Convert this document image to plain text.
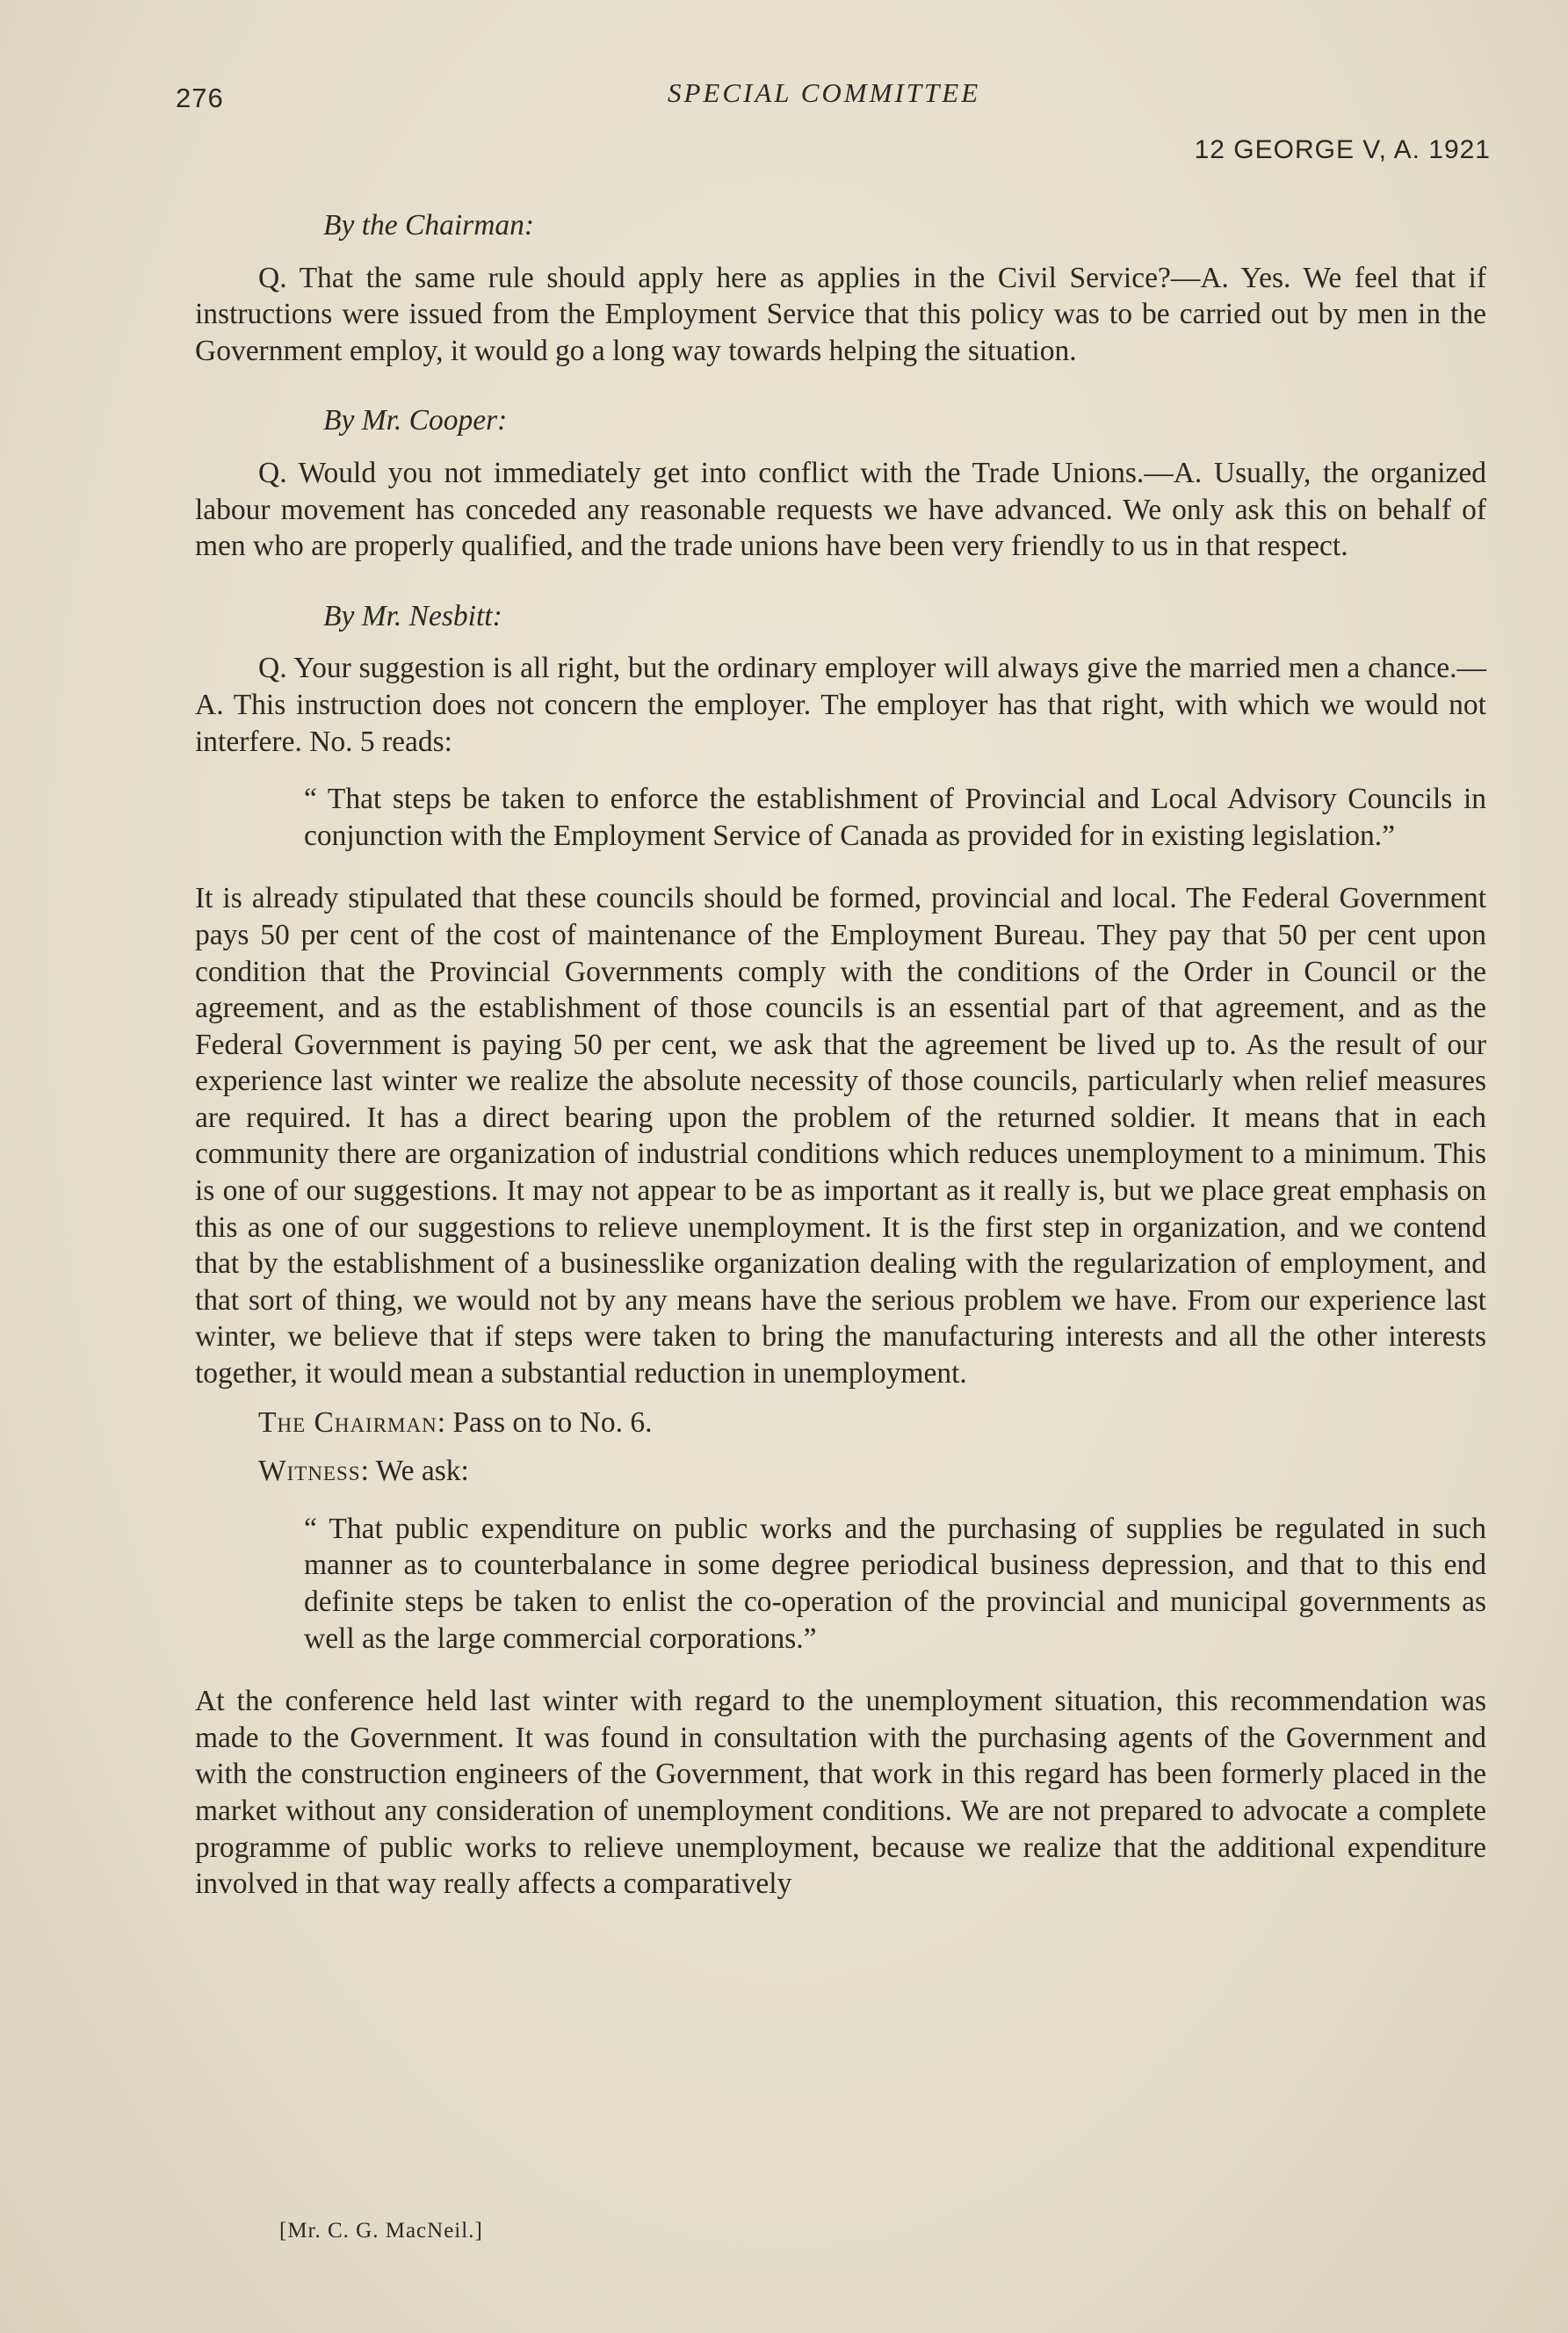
276	SPECIAL COMMITTEE
12 GEORGE V, A. 1921

By the Chairman:

Q. That the same rule should apply here as applies in the Civil Service?—A. Yes. We feel that if instructions were issued from the Employment Service that this policy was to be carried out by men in the Government employ, it would go a long way towards helping the situation.

By Mr. Cooper:

Q. Would you not immediately get into conflict with the Trade Unions.—A. Usually, the organized labour movement has conceded any reasonable requests we have advanced. We only ask this on behalf of men who are properly qualified, and the trade unions have been very friendly to us in that respect.

By Mr. Nesbitt:

Q. Your suggestion is all right, but the ordinary employer will always give the married men a chance.—A. This instruction does not concern the employer. The employer has that right, with which we would not interfere. No. 5 reads:

“ That steps be taken to enforce the establishment of Provincial and Local Advisory Councils in conjunction with the Employment Service of Canada as provided for in existing legislation.”

It is already stipulated that these councils should be formed, provincial and local. The Federal Government pays 50 per cent of the cost of maintenance of the Employment Bureau. They pay that 50 per cent upon condition that the Provincial Governments comply with the conditions of the Order in Council or the agreement, and as the establishment of those councils is an essential part of that agreement, and as the Federal Government is paying 50 per cent, we ask that the agreement be lived up to. As the result of our experience last winter we realize the absolute necessity of those councils, particularly when relief measures are required. It has a direct bearing upon the problem of the returned soldier. It means that in each community there are organization of industrial conditions which reduces unemployment to a minimum. This is one of our suggestions. It may not appear to be as important as it really is, but we place great emphasis on this as one of our suggestions to relieve unemployment. It is the first step in organization, and we contend that by the establishment of a businesslike organization dealing with the regularization of employment, and that sort of thing, we would not by any means have the serious problem we have. From our experience last winter, we believe that if steps were taken to bring the manufacturing interests and all the other interests together, it would mean a substantial reduction in unemployment.

The Chairman: Pass on to No. 6.

Witness: We ask:

“ That public expenditure on public works and the purchasing of supplies be regulated in such manner as to counterbalance in some degree periodical business depression, and that to this end definite steps be taken to enlist the co-operation of the provincial and municipal governments as well as the large commercial corporations.”

At the conference held last winter with regard to the unemployment situation, this recommendation was made to the Government. It was found in consultation with the purchasing agents of the Government and with the construction engineers of the Government, that work in this regard has been formerly placed in the market without any consideration of unemployment conditions. We are not prepared to advocate a complete programme of public works to relieve unemployment, because we realize that the additional expenditure involved in that way really affects a comparatively

[Mr. C. G. MacNeil.]
